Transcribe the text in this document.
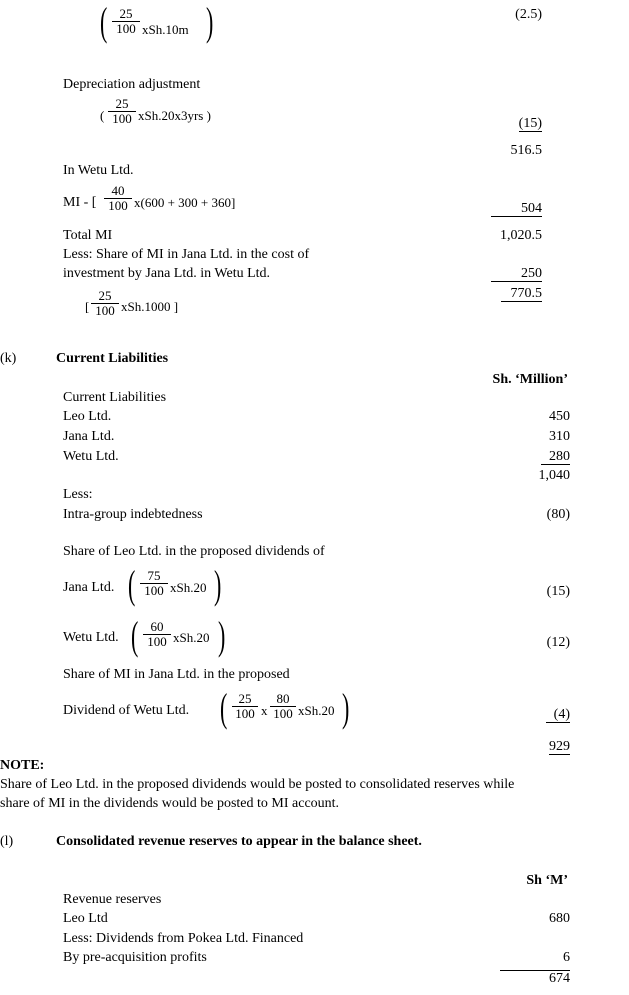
( $\frac{25}{100} xSh.10m$ )	(2.5)
Depreciation adjustment
( $\frac{25}{100} xSh.20x3yrs$ )
(15)
516.5
In Wetu Ltd.
MI - [ $\frac{40}{100} x(600 + 300 + 360]$	504
Total MI	1,020.5
Less: Share of MI in Jana Ltd. in the cost of
investment by Jana Ltd. in Wetu Ltd.	250
770.5
[ $\frac{25}{100} xSh.1000$ ]
(k)	Current Liabilities
Sh. ‘Million’
Current Liabilities
Leo Ltd.	450
Jana Ltd.	310
Wetu Ltd.	280
1,040
Less:
Intra-group indebtedness	(80)
Share of Leo Ltd. in the proposed dividends of
Jana Ltd. ( $\frac{75}{100} xSh.20$ )	(15)
Wetu Ltd. ( $\frac{60}{100} xSh.20$ )	(12)
Share of MI in Jana Ltd. in the proposed
Dividend of Wetu Ltd. ( $\frac{25}{100}$ x $\frac{80}{100} xSh.20$ )	(4)
929
NOTE:
Share of Leo Ltd. in the proposed dividends would be posted to consolidated reserves while
share of MI in the dividends would be posted to MI account.
(l)	Consolidated revenue reserves to appear in the balance sheet.
Sh ‘M’
Revenue reserves
Leo Ltd	680
Less: Dividends from Pokea Ltd. Financed
By pre-acquisition profits	6
674
